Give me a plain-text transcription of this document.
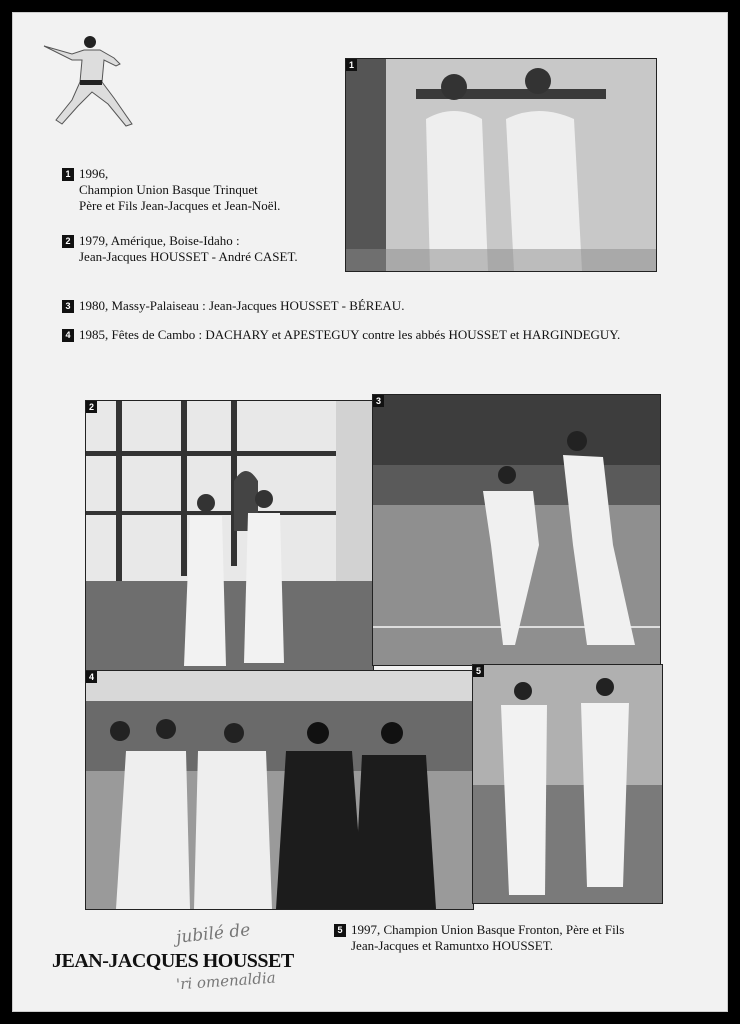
1 1996,
Champion Union Basque Trinquet
Père et Fils Jean-Jacques et Jean-Noël.
2 1979, Amérique, Boise-Idaho :
Jean-Jacques HOUSSET - André CASET.
3 1980, Massy-Palaiseau : Jean-Jacques HOUSSET - BÉREAU.
4 1985, Fêtes de Cambo : DACHARY et APESTEGUY contre les abbés HOUSSET et HARGINDEGUY.
1
2
3
4
5
5 1997, Champion Union Basque Fronton, Père et Fils
Jean-Jacques et Ramuntxo HOUSSET.
jubilé de
JEAN-JACQUES HOUSSET
'ri omenaldia
